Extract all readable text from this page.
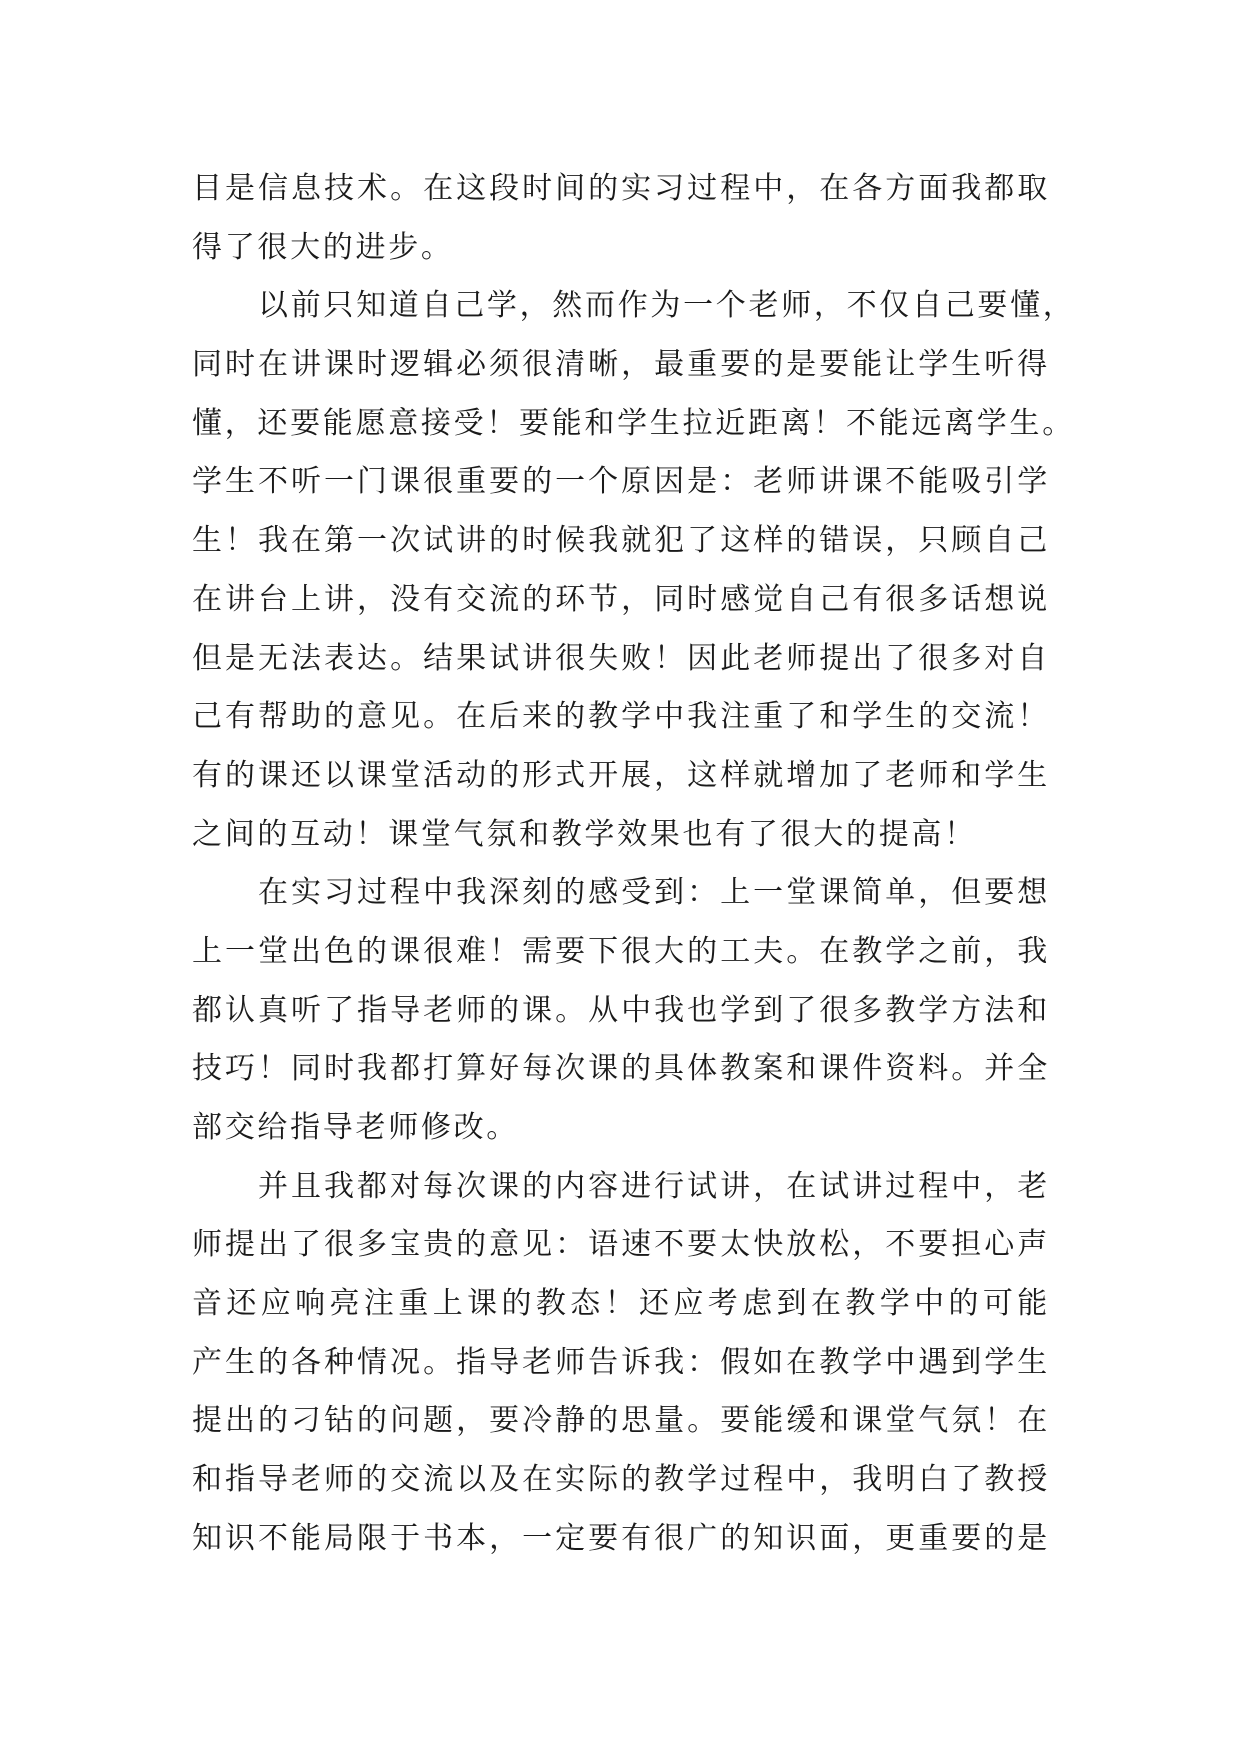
目是信息技术。在这段时间的实习过程中，在各方面我都取
得了很大的进步。
以前只知道自己学，然而作为一个老师，不仅自己要懂，
同时在讲课时逻辑必须很清晰，最重要的是要能让学生听得
懂，还要能愿意接受！要能和学生拉近距离！不能远离学生。
学生不听一门课很重要的一个原因是：老师讲课不能吸引学
生！我在第一次试讲的时候我就犯了这样的错误，只顾自己
在讲台上讲，没有交流的环节，同时感觉自己有很多话想说
但是无法表达。结果试讲很失败！因此老师提出了很多对自
己有帮助的意见。在后来的教学中我注重了和学生的交流！
有的课还以课堂活动的形式开展，这样就增加了老师和学生
之间的互动！课堂气氛和教学效果也有了很大的提高！
在实习过程中我深刻的感受到：上一堂课简单，但要想
上一堂出色的课很难！需要下很大的工夫。在教学之前，我
都认真听了指导老师的课。从中我也学到了很多教学方法和
技巧！同时我都打算好每次课的具体教案和课件资料。并全
部交给指导老师修改。
并且我都对每次课的内容进行试讲，在试讲过程中，老
师提出了很多宝贵的意见：语速不要太快放松，不要担心声
音还应响亮注重上课的教态！还应考虑到在教学中的可能
产生的各种情况。指导老师告诉我：假如在教学中遇到学生
提出的刁钻的问题，要冷静的思量。要能缓和课堂气氛！在
和指导老师的交流以及在实际的教学过程中，我明白了教授
知识不能局限于书本，一定要有很广的知识面，更重要的是
